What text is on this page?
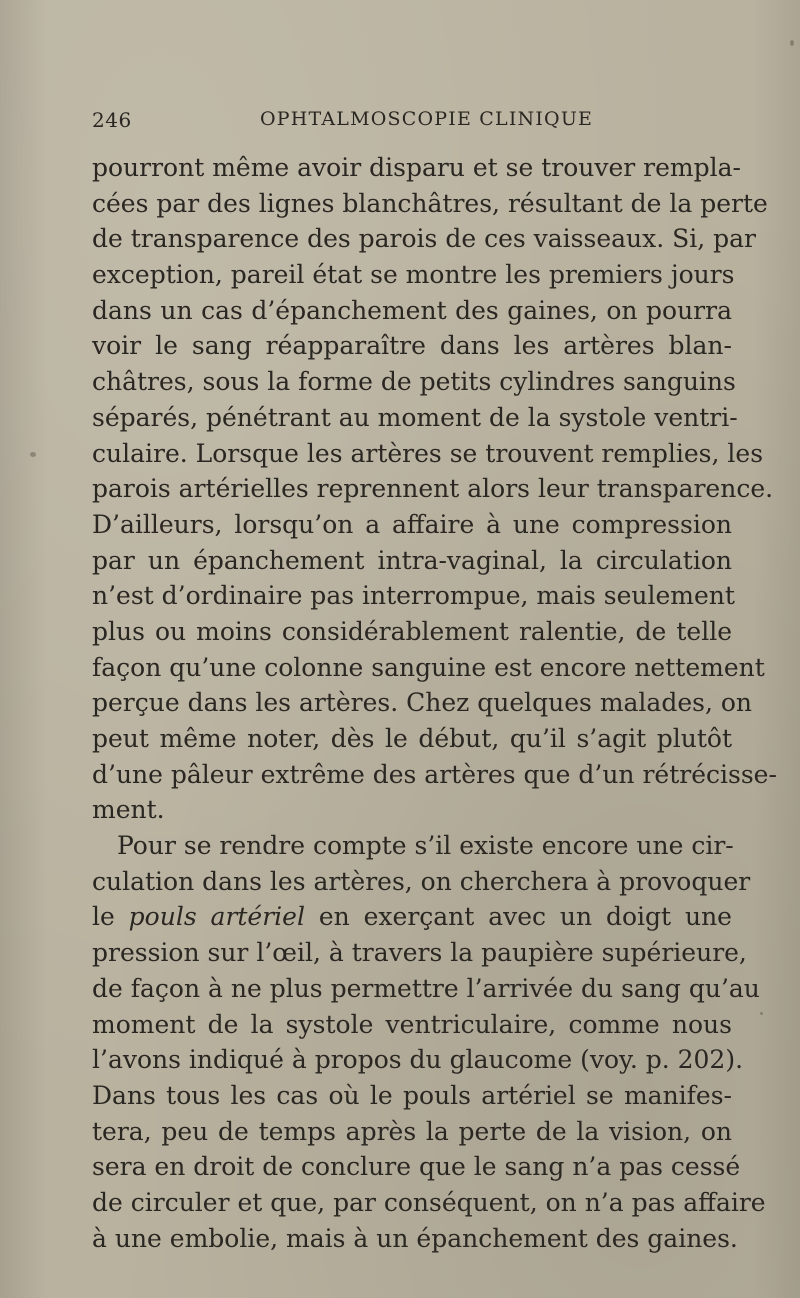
246	OPHTALMOSCOPIE CLINIQUE
pourront même avoir disparu et se trouver rempla-
cées par des lignes blanchâtres, résultant de la perte
de transparence des parois de ces vaisseaux. Si, par
exception, pareil état se montre les premiers jours
dans un cas d’épanchement des gaines, on pourra
voir le sang réapparaître dans les artères blan-
châtres, sous la forme de petits cylindres sanguins
séparés, pénétrant au moment de la systole ventri-
culaire. Lorsque les artères se trouvent remplies, les
parois artérielles reprennent alors leur transparence.
D’ailleurs, lorsqu’on a affaire à une compression
par un épanchement intra-vaginal, la circulation
n’est d’ordinaire pas interrompue, mais seulement
plus ou moins considérablement ralentie, de telle
façon qu’une colonne sanguine est encore nettement
perçue dans les artères. Chez quelques malades, on
peut même noter, dès le début, qu’il s’agit plutôt
d’une pâleur extrême des artères que d’un rétrécisse-
ment.
Pour se rendre compte s’il existe encore une cir-
culation dans les artères, on cherchera à provoquer
le pouls artériel en exerçant avec un doigt une
pression sur l’œil, à travers la paupière supérieure,
de façon à ne plus permettre l’arrivée du sang qu’au
moment de la systole ventriculaire, comme nous
l’avons indiqué à propos du glaucome (voy. p. 202).
Dans tous les cas où le pouls artériel se manifes-
tera, peu de temps après la perte de la vision, on
sera en droit de conclure que le sang n’a pas cessé
de circuler et que, par conséquent, on n’a pas affaire
à une embolie, mais à un épanchement des gaines.
